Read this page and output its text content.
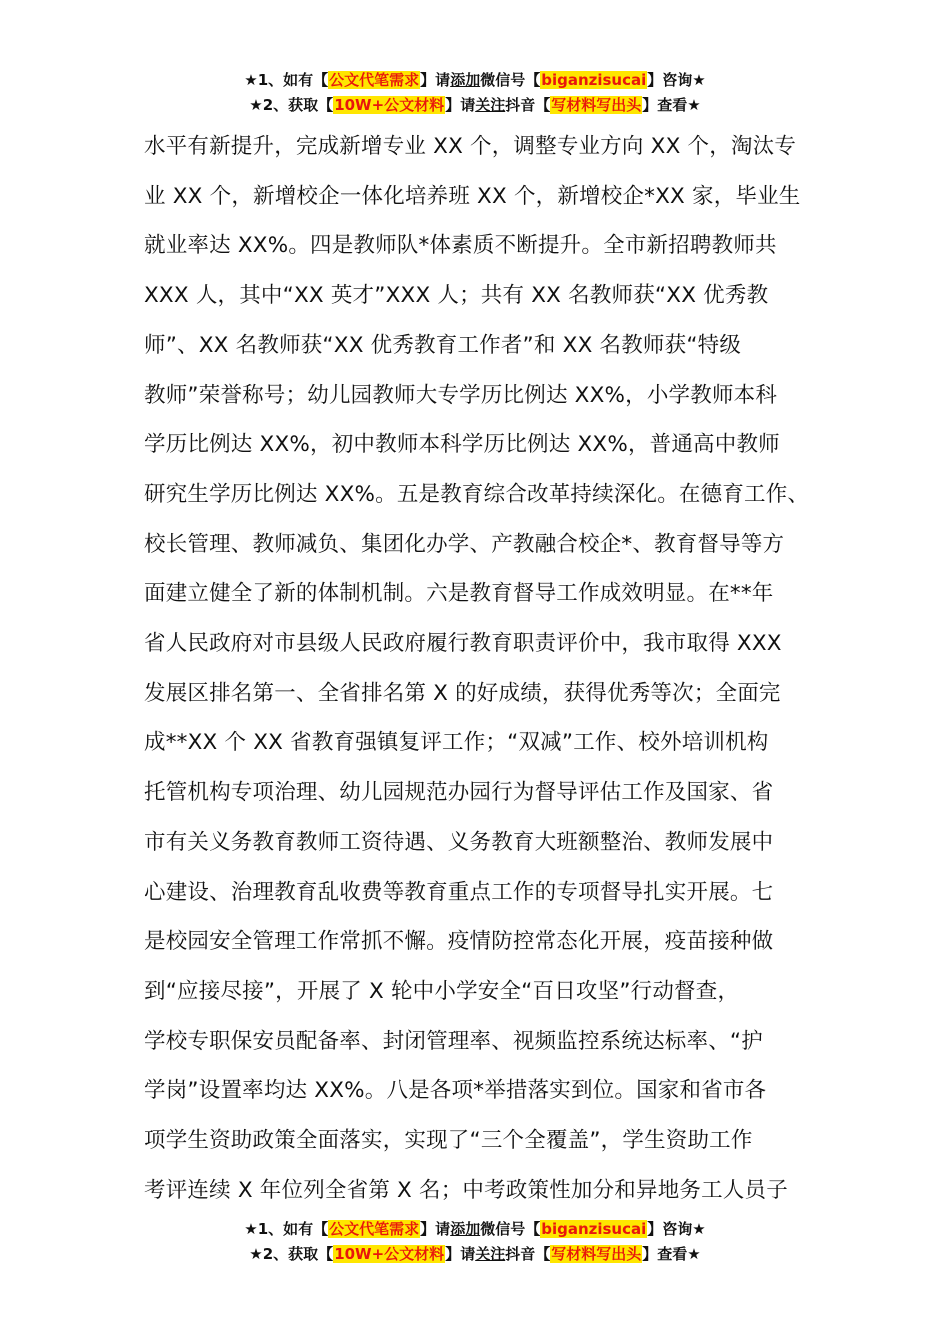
★1、如有【公文代笔需求】请添加微信号【biganzisucai】咨询★
★2、获取【10W+公文材料】请关注抖音【写材料写出头】查看★
水平有新提升，完成新增专业 XX 个，调整专业方向 XX 个，淘汰专
业 XX 个，新增校企一体化培养班 XX 个，新增校企*XX 家，毕业生
就业率达 XX%。四是教师队*体素质不断提升。全市新招聘教师共
XXX 人，其中“XX 英才”XXX 人；共有 XX 名教师获“XX 优秀教
师”、XX 名教师获“XX 优秀教育工作者”和 XX 名教师获“特级
教师”荣誉称号；幼儿园教师大专学历比例达 XX%，小学教师本科
学历比例达 XX%，初中教师本科学历比例达 XX%，普通高中教师
研究生学历比例达 XX%。五是教育综合改革持续深化。在德育工作、
校长管理、教师减负、集团化办学、产教融合校企*、教育督导等方
面建立健全了新的体制机制。六是教育督导工作成效明显。在**年
省人民政府对市县级人民政府履行教育职责评价中，我市取得 XXX
发展区排名第一、全省排名第 X 的好成绩，获得优秀等次；全面完
成**XX 个 XX 省教育强镇复评工作；“双减”工作、校外培训机构
托管机构专项治理、幼儿园规范办园行为督导评估工作及国家、省
市有关义务教育教师工资待遇、义务教育大班额整治、教师发展中
心建设、治理教育乱收费等教育重点工作的专项督导扎实开展。七
是校园安全管理工作常抓不懈。疫情防控常态化开展，疫苗接种做
到“应接尽接”，开展了 X 轮中小学安全“百日攻坚”行动督查，
学校专职保安员配备率、封闭管理率、视频监控系统达标率、“护
学岗”设置率均达 XX%。八是各项*举措落实到位。国家和省市各
项学生资助政策全面落实，实现了“三个全覆盖”，学生资助工作
考评连续 X 年位列全省第 X 名；中考政策性加分和异地务工人员子
★1、如有【公文代笔需求】请添加微信号【biganzisucai】咨询★
★2、获取【10W+公文材料】请关注抖音【写材料写出头】查看★
